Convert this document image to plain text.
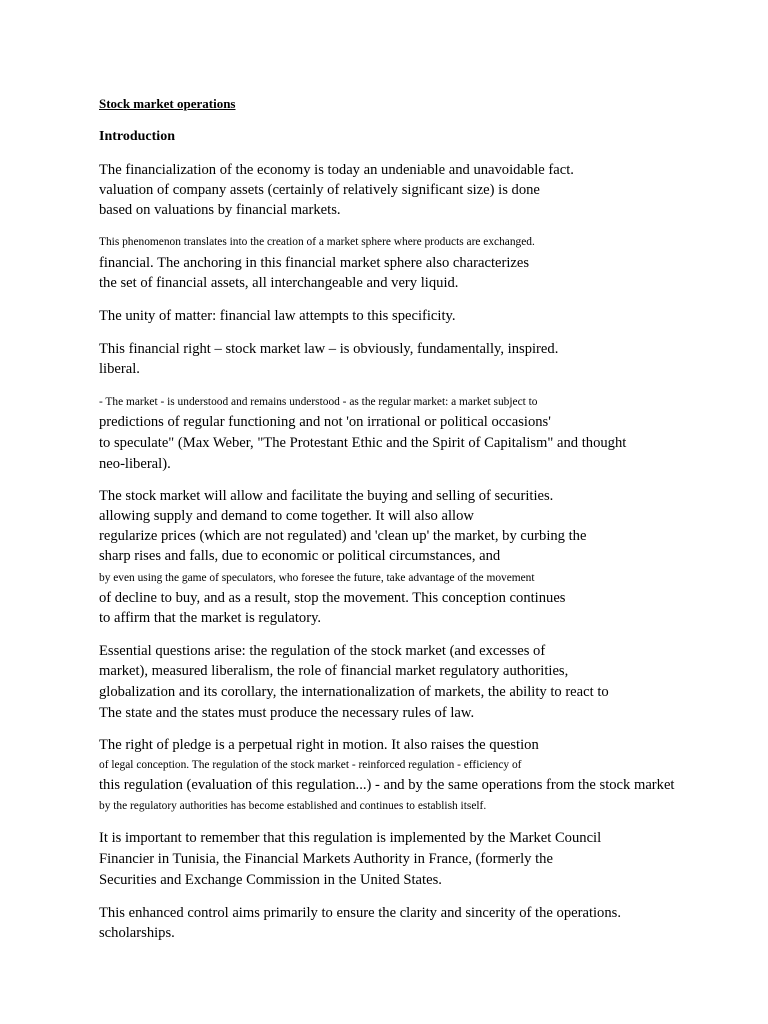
Stock market operations
Introduction
The financialization of the economy is today an undeniable and unavoidable fact.
valuation of company assets (certainly of relatively significant size) is done
based on valuations by financial markets.
This phenomenon translates into the creation of a market sphere where products are exchanged.
financial. The anchoring in this financial market sphere also characterizes
the set of financial assets, all interchangeable and very liquid.
The unity of matter: financial law attempts to this specificity.
This financial right – stock market law – is obviously, fundamentally, inspired.
liberal.
- The market - is understood and remains understood - as the regular market: a market subject to
predictions of regular functioning and not 'on irrational or political occasions'
to speculate" (Max Weber, "The Protestant Ethic and the Spirit of Capitalism" and thought
neo-liberal).
The stock market will allow and facilitate the buying and selling of securities.
allowing supply and demand to come together. It will also allow
regularize prices (which are not regulated) and 'clean up' the market, by curbing the
sharp rises and falls, due to economic or political circumstances, and
by even using the game of speculators, who foresee the future, take advantage of the movement
of decline to buy, and as a result, stop the movement. This conception continues
to affirm that the market is regulatory.
Essential questions arise: the regulation of the stock market (and excesses of
market), measured liberalism, the role of financial market regulatory authorities,
globalization and its corollary, the internationalization of markets, the ability to react to
The state and the states must produce the necessary rules of law.
The right of pledge is a perpetual right in motion. It also raises the question
of legal conception. The regulation of the stock market - reinforced regulation - efficiency of
this regulation (evaluation of this regulation...) - and by the same operations from the stock market
by the regulatory authorities has become established and continues to establish itself.
It is important to remember that this regulation is implemented by the Market Council
Financier in Tunisia, the Financial Markets Authority in France, (formerly the
Securities and Exchange Commission in the United States.
This enhanced control aims primarily to ensure the clarity and sincerity of the operations.
scholarships.
